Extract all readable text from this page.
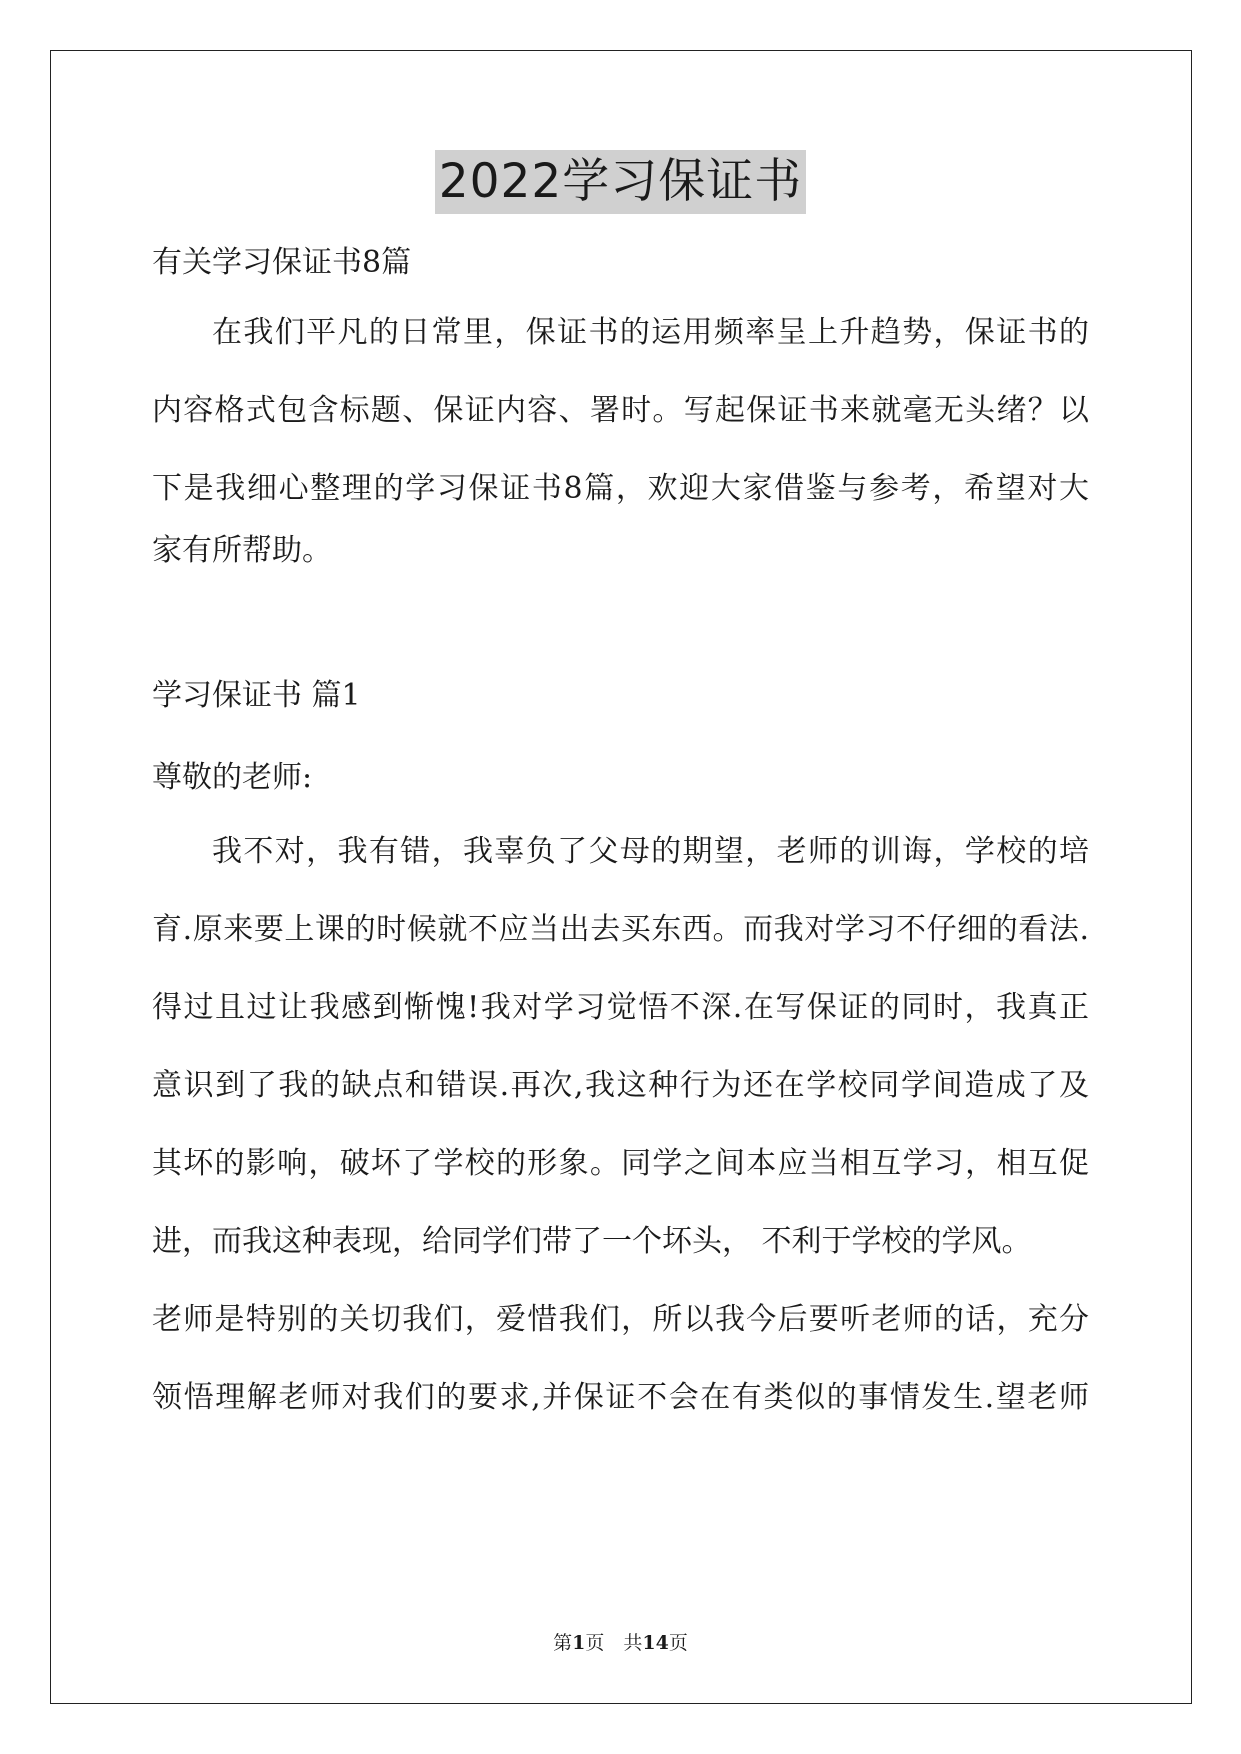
2022学习保证书
有关学习保证书8篇
在我们平凡的日常里，保证书的运用频率呈上升趋势，保证书的
内容格式包含标题、保证内容、署时。写起保证书来就毫无头绪？以
下是我细心整理的学习保证书8篇，欢迎大家借鉴与参考，希望对大
家有所帮助。
学习保证书 篇1
尊敬的老师:
我不对，我有错，我辜负了父母的期望，老师的训诲，学校的培
育.原来要上课的时候就不应当出去买东西。而我对学习不仔细的看法.
得过且过让我感到惭愧!我对学习觉悟不深.在写保证的同时，我真正
意识到了我的缺点和错误.再次,我这种行为还在学校同学间造成了及
其坏的影响，破坏了学校的形象。同学之间本应当相互学习，相互促
进，而我这种表现，给同学们带了一个坏头， 不利于学校的学风。
老师是特别的关切我们，爱惜我们，所以我今后要听老师的话，充分
领悟理解老师对我们的要求,并保证不会在有类似的事情发生.望老师
第1页　共14页
